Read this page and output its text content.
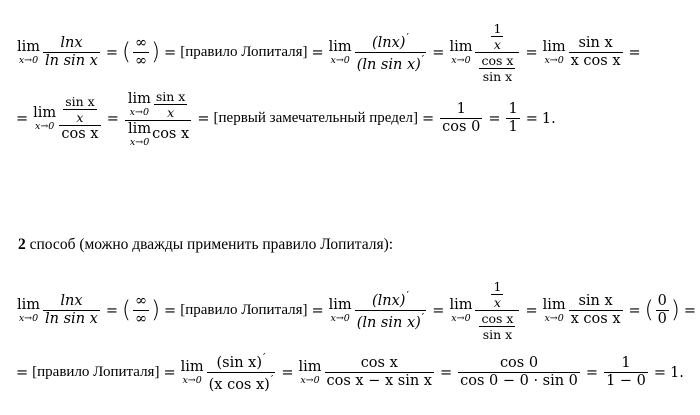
lim
$x\to 0 \frac{\ln x}{\text{ln sin x}}$ = ( $\frac{\infty}{\infty}$ ) = [правило Лопиталя] = lim
$x\to 0 \frac{(\ln x)'}{(\ln \sin x)'} = \lim$
$x\to 0 \frac{\frac{1}{x}}{\frac{\text{cos x}}{\text{sin x}}} = \lim$
$x\to 0 \frac{\text{sin x}}{\text{x cos x}}$ =
= lim
$x\to 0 \frac{\frac{\text{sin x}}{x}}{\text{cos x}} = \lim$
$x\to 0 \frac{\text{sin x}}{x}$
lim
x→0
cos x = [первый замечательный предел] = $\frac{1}{\cos 0} = \frac{1}{1} = 1$.
2 способ (можно дважды применить правило Лопиталя):
lim
$x\to 0 \frac{\ln x}{\text{ln sin x}}$ = ( $\frac{\infty}{\infty}$ ) = [правило Лопиталя] = lim
$x\to 0 \frac{(\ln x)'}{(\ln \sin x)'} = \lim$
$x\to 0 \frac{\frac{1}{x}}{\frac{\text{cos x}}{\text{sin x}}} = \lim$
$x\to 0 \frac{\text{sin x}}{\text{x cos x}}$ = ( $\frac{0}{0}$ ) =
= [правило Лопиталя] = lim
$x\to 0 \frac{(\sin x)'}{(x \cos x)'} = \lim$
$x\to 0 \frac{\text{cos x}}{\text{cos x − x sin x}} = \frac{\cos 0}{\cos 0 - 0 \cdot \sin 0} = \frac{1}{1 - 0} = 1$.
